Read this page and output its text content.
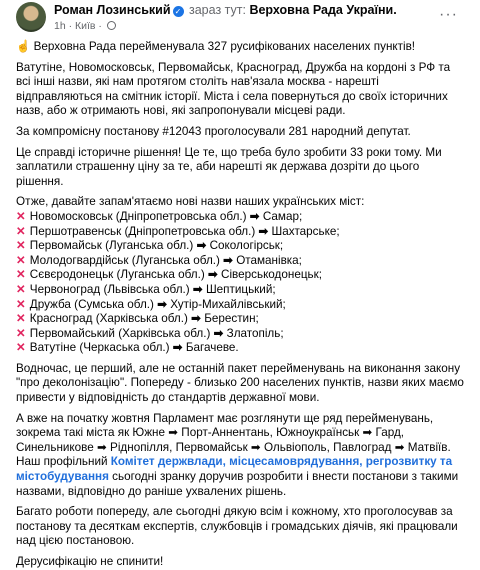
Роман Лозинський ✓ зараз тут: Верховна Рада України.
1h · Київ ·
···
☝ Верховна Рада перейменувала 327 русифікованих населених пунктів!
Ватутіне, Новомосковськ, Первомайськ, Красноград, Дружба на кордоні з РФ та всі інші назви, які нам протягом століть нав'язала москва - нарешті відправляються на смітник історії. Міста і села повернуться до своїх історичних назв, або ж отримають нові, які запропонували місцеві ради.
За компромісну постанову #12043 проголосували 281 народний депутат.
Це справді історичне рішення! Це те, що треба було зробити 33 роки тому. Ми заплатили страшенну ціну за те, аби нарешті як держава дозріти до цього рішення.
Отже, давайте запам'ятаємо нові назви наших українських міст:
✕ Новомосковськ (Дніпропетровська обл.) ➡ Самар;
✕ Першотравенськ (Дніпропетровська обл.) ➡ Шахтарське;
✕ Первомайськ (Луганська обл.) ➡ Сокологірськ;
✕ Молодогвардійськ (Луганська обл.) ➡ Отаманівка;
✕ Сєвєродонецьк (Луганська обл.) ➡ Сіверськодонецьк;
✕ Червоноград (Львівська обл.) ➡ Шептицький;
✕ Дружба (Сумська обл.) ➡ Хутір-Михайлівський;
✕ Красноград (Харківська обл.) ➡ Берестин;
✕ Первомайський (Харківська обл.) ➡ Златопіль;
✕ Ватутіне (Черкаська обл.) ➡ Багачеве.
Водночас, це перший, але не останній пакет перейменувань на виконання закону "про деколонізацію". Попереду - близько 200 населених пунктів, назви яких маємо привести у відповідність до стандартів державної мови.
А вже на початку жовтня Парламент має розглянути ще ряд перейменувань, зокрема такі міста як Южне ➡ Порт-Аннентань, Южноукраїнськ ➡ Гард, Синельникове ➡ Ріднопілля, Первомайськ ➡ Ольвіополь, Павлоград ➡ Матвіїв. Наш профільний Комітет держвлади, місцесамоврядування, регрозвитку та містобудування сьогодні зранку доручив розробити і внести постанови з такими назвами, відповідно до раніше ухвалених рішень.
Багато роботи попереду, але сьогодні дякую всім і кожному, хто проголосував за постанову та десяткам експертів, службовців і громадських діячів, які працювали над цією постановою.
Дерусифікацію не спинити!
